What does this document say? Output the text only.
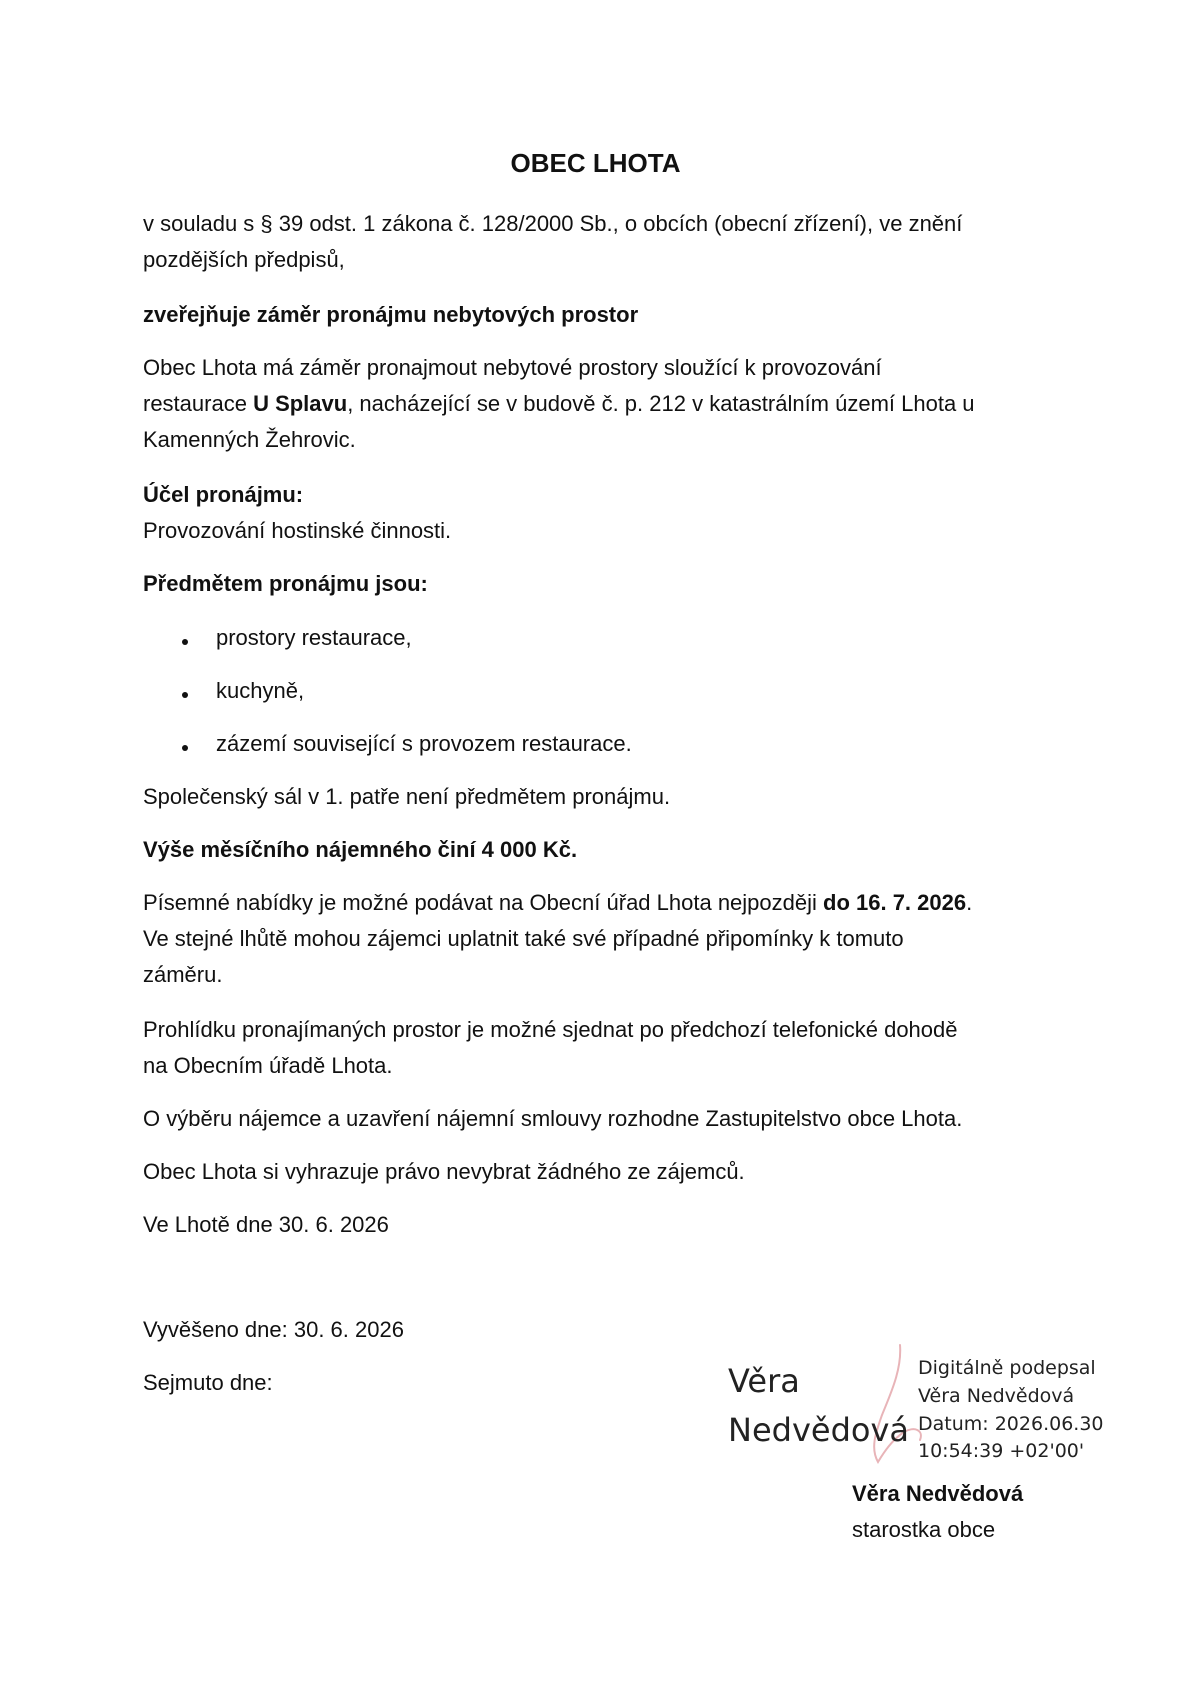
OBEC LHOTA
v souladu s § 39 odst. 1 zákona č. 128/2000 Sb., o obcích (obecní zřízení), ve znění
pozdějších předpisů,
zveřejňuje záměr pronájmu nebytových prostor
Obec Lhota má záměr pronajmout nebytové prostory sloužící k provozování
restaurace U Splavu, nacházející se v budově č. p. 212 v katastrálním území Lhota u
Kamenných Žehrovic.
Účel pronájmu:
Provozování hostinské činnosti.
Předmětem pronájmu jsou:
prostory restaurace,
kuchyně,
zázemí související s provozem restaurace.
Společenský sál v 1. patře není předmětem pronájmu.
Výše měsíčního nájemného činí 4 000 Kč.
Písemné nabídky je možné podávat na Obecní úřad Lhota nejpozději do 16. 7. 2026.
Ve stejné lhůtě mohou zájemci uplatnit také své případné připomínky k tomuto
záměru.
Prohlídku pronajímaných prostor je možné sjednat po předchozí telefonické dohodě
na Obecním úřadě Lhota.
O výběru nájemce a uzavření nájemní smlouvy rozhodne Zastupitelstvo obce Lhota.
Obec Lhota si vyhrazuje právo nevybrat žádného ze zájemců.
Ve Lhotě dne 30. 6. 2026
Vyvěšeno dne: 30. 6. 2026
Sejmuto dne:	Věra
Nedvědová
Digitálně podepsal
Věra Nedvědová
Datum: 2026.06.30
10:54:39 +02'00'
Věra Nedvědová
starostka obce
